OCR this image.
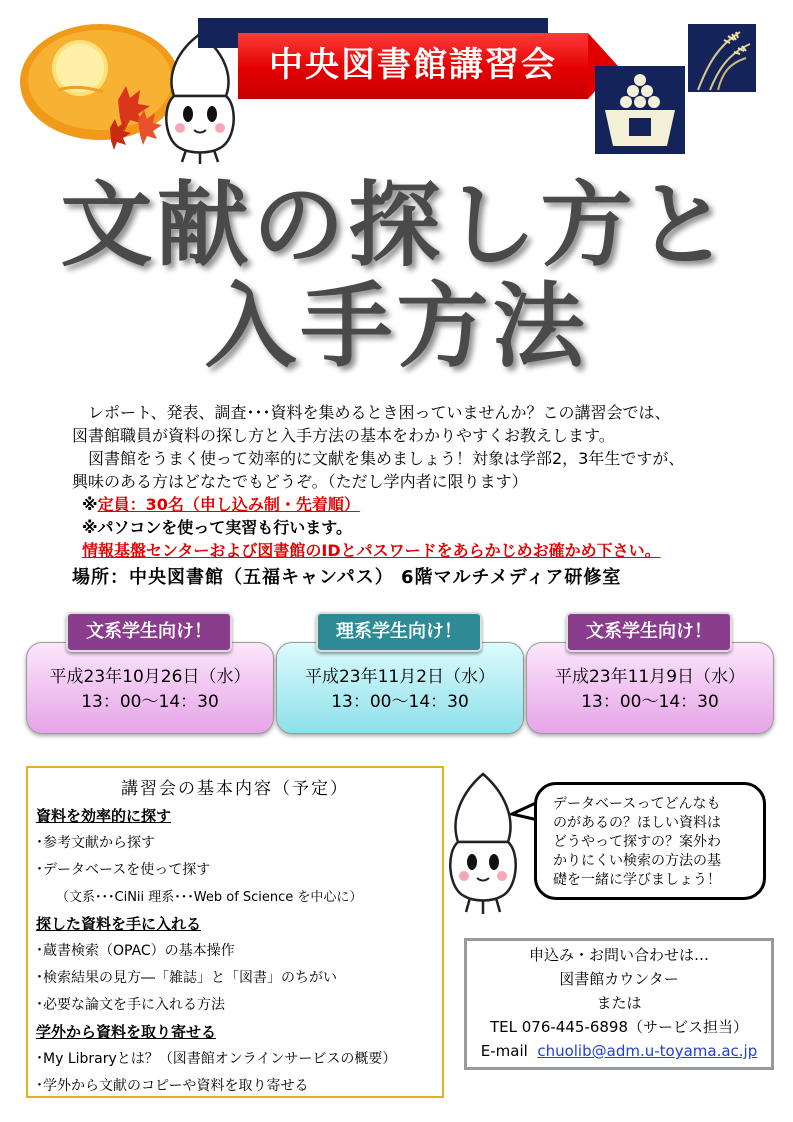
中央図書館講習会
文献の探し方と
入手方法

レポート、発表、調査･･･資料を集めるとき困っていませんか？この講習会では、

図書館職員が資料の探し方と入手方法の基本をわかりやすくお教えします。

図書館をうまく使って効率的に文献を集めましょう！対象は学部2，3年生ですが、

興味のある方はどなたでもどうぞ。（ただし学内者に限ります）

※定員：30名（申し込み制・先着順）

※パソコンを使って実習も行います。

情報基盤センターおよび図書館のIDとパスワードをあらかじめお確かめ下さい。

場所：中央図書館（五福キャンパス） 6階マルチメディア研修室
平成23年10月26日（水）
13：00～14：30
文系学生向け！
平成23年11月2日（水）
13：00～14：30
理系学生向け！
平成23年11月9日（水）
13：00～14：30
文系学生向け！
講習会の基本内容（予定）
資料を効率的に探す
･参考文献から探す
･データベースを使って探す
（文系･･･CiNii 理系･･･Web of Science を中心に）
探した資料を手に入れる
･蔵書検索（OPAC）の基本操作
･検索結果の見方―「雑誌」と「図書」のちがい
･必要な論文を手に入れる方法
学外から資料を取り寄せる
･My Libraryとは？（図書館オンラインサービスの概要）
･学外から文献のコピーや資料を取り寄せる
データベースってどんなも
のがあるの？ほしい資料は
どうやって探すの？案外わ
かりにくい検索の方法の基
礎を一緒に学びましょう！
申込み・お問い合わせは…
図書館カウンター
または
TEL 076-445-6898（サービス担当）
E-mail chuolib@adm.u-toyama.ac.jp
